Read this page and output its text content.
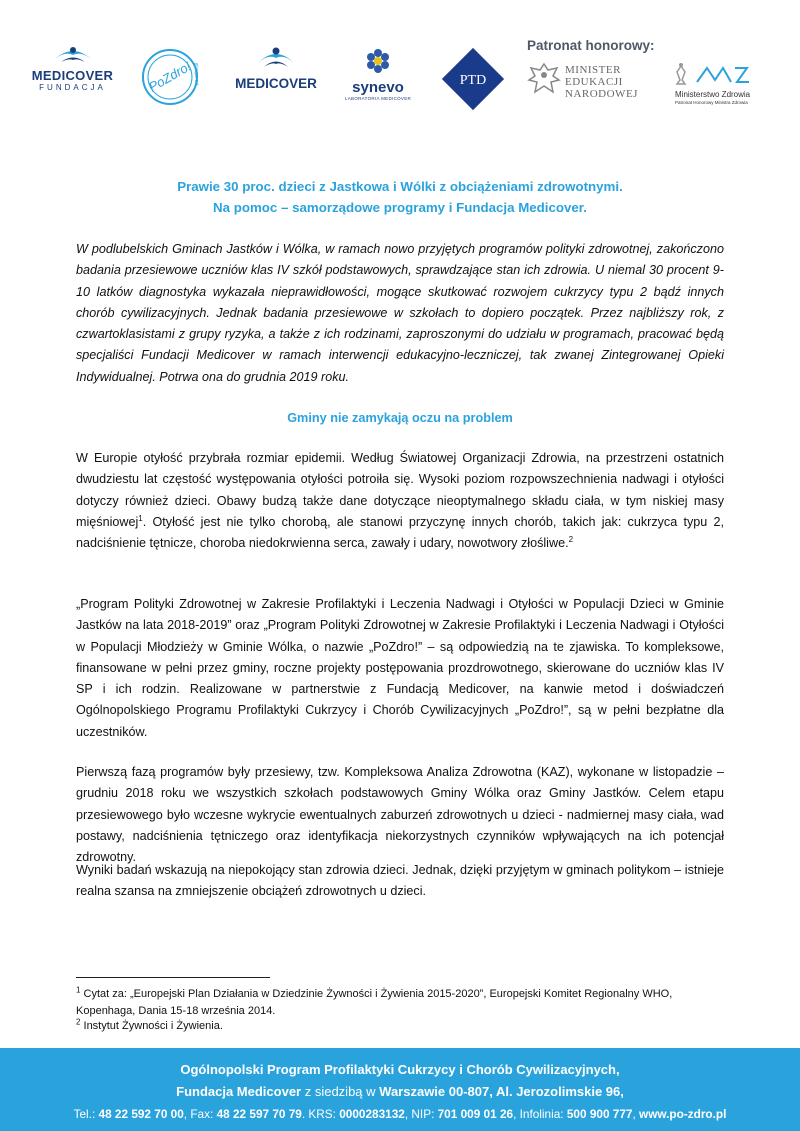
MEDICOVER
FUNDACJA	PoZdro! po-zdro.pl	MEDICOVER	synevo
LABORATORIA MEDICOVER
PTD
Patronat honorowy:
MINISTER
EDUKACJI
NARODOWEJ	Ministerstwo Zdrowia
Patronat Honorowy Ministra Zdrowia
Prawie 30 proc. dzieci z Jastkowa i Wólki z obciążeniami zdrowotnymi.
Na pomoc – samorządowe programy i Fundacja Medicover.
W podlubelskich Gminach Jastków i Wólka, w ramach nowo przyjętych programów polityki zdrowotnej, zakończono badania przesiewowe uczniów klas IV szkół podstawowych, sprawdzające stan ich zdrowia. U niemal 30 procent 9-10 latków diagnostyka wykazała nieprawidłowości, mogące skutkować rozwojem cukrzycy typu 2 bądź innych chorób cywilizacyjnych. Jednak badania przesiewowe w szkołach to dopiero początek. Przez najbliższy rok, z czwartoklasistami z grupy ryzyka, a także z ich rodzinami, zaproszonymi do udziału w programach, pracować będą specjaliści Fundacji Medicover w ramach interwencji edukacyjno-leczniczej, tak zwanej Zintegrowanej Opieki Indywidualnej. Potrwa ona do grudnia 2019 roku.
Gminy nie zamykają oczu na problem
W Europie otyłość przybrała rozmiar epidemii. Według Światowej Organizacji Zdrowia, na przestrzeni ostatnich dwudziestu lat częstość występowania otyłości potroiła się. Wysoki poziom rozpowszechnienia nadwagi i otyłości dotyczy również dzieci. Obawy budzą także dane dotyczące nieoptymalnego składu ciała, w tym niskiej masy mięśniowej$^1$. Otyłość jest nie tylko chorobą, ale stanowi przyczynę innych chorób, takich jak: cukrzyca typu 2, nadciśnienie tętnicze, choroba niedokrwienna serca, zawały i udary, nowotwory złośliwe.$^2$
„Program Polityki Zdrowotnej w Zakresie Profilaktyki i Leczenia Nadwagi i Otyłości w Populacji Dzieci w Gminie Jastków na lata 2018-2019” oraz „Program Polityki Zdrowotnej w Zakresie Profilaktyki i Leczenia Nadwagi i Otyłości w Populacji Młodzieży w Gminie Wólka, o nazwie „PoZdro!” – są odpowiedzią na te zjawiska. To kompleksowe, finansowane w pełni przez gminy, roczne projekty postępowania prozdrowotnego, skierowane do uczniów klas IV SP i ich rodzin. Realizowane w partnerstwie z Fundacją Medicover, na kanwie metod i doświadczeń Ogólnopolskiego Programu Profilaktyki Cukrzycy i Chorób Cywilizacyjnych „PoZdro!”, są w pełni bezpłatne dla uczestników.
Pierwszą fazą programów były przesiewy, tzw. Kompleksowa Analiza Zdrowotna (KAZ), wykonane w listopadzie – grudniu 2018 roku we wszystkich szkołach podstawowych Gminy Wólka oraz Gminy Jastków. Celem etapu przesiewowego było wczesne wykrycie ewentualnych zaburzeń zdrowotnych u dzieci - nadmiernej masy ciała, wad postawy, nadciśnienia tętniczego oraz identyfikacja niekorzystnych czynników wpływających na ich potencjał zdrowotny.
Wyniki badań wskazują na niepokojący stan zdrowia dzieci. Jednak, dzięki przyjętym w gminach politykom – istnieje realna szansa na zmniejszenie obciążeń zdrowotnych u dzieci.
$^1$ Cytat za: „Europejski Plan Działania w Dziedzinie Żywności i Żywienia 2015-2020”, Europejski Komitet Regionalny WHO, Kopenhaga, Dania 15-18 września 2014.
$^2$ Instytut Żywności i Żywienia.
Ogólnopolski Program Profilaktyki Cukrzycy i Chorób Cywilizacyjnych,
Fundacja Medicover z siedzibą w Warszawie 00-807, Al. Jerozolimskie 96,
Tel.: 48 22 592 70 00, Fax: 48 22 597 70 79. KRS: 0000283132, NIP: 701 009 01 26, Infolinia: 500 900 777, www.po-zdro.pl
